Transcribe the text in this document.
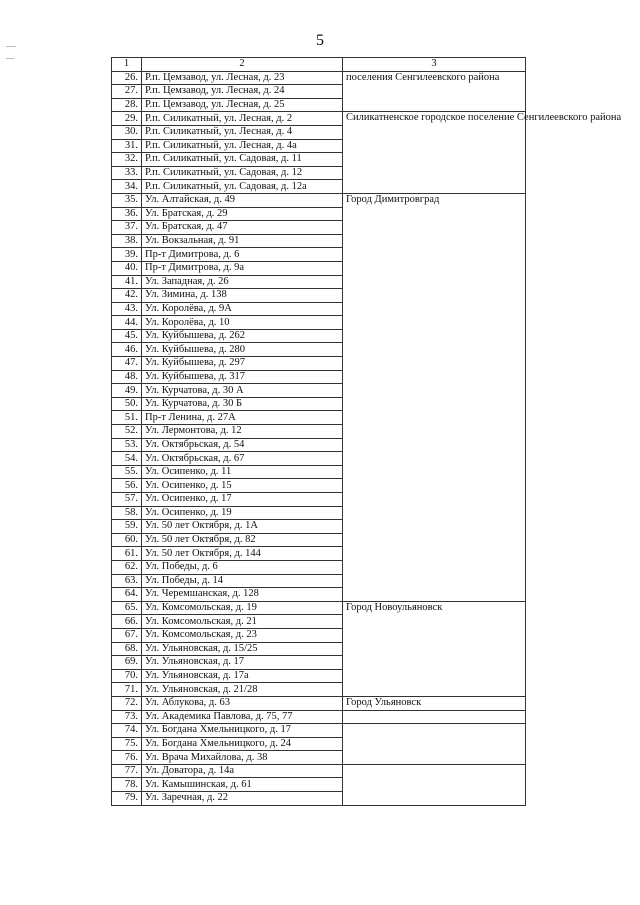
5
1	2	3
26.	Р.п. Цемзавод, ул. Лесная, д. 23	поселения Сенгилеевского района
27.	Р.п. Цемзавод, ул. Лесная, д. 24	
28.	Р.п. Цемзавод, ул. Лесная, д. 25	
29.	Р.п. Силикатный, ул. Лесная, д. 2	Силикатненское городское поселение Сенгилеевского района
30.	Р.п. Силикатный, ул. Лесная, д. 4	
31.	Р.п. Силикатный, ул. Лесная, д. 4а	
32.	Р.п. Силикатный, ул. Садовая, д. 11	
33.	Р.п. Силикатный, ул. Садовая, д. 12	
34.	Р.п. Силикатный, ул. Садовая, д. 12а	
35.	Ул. Алтайская, д. 49	Город Димитровград
36.	Ул. Братская, д. 29	
37.	Ул. Братская, д. 47	
38.	Ул. Вокзальная, д. 91	
39.	Пр-т Димитрова, д. 6	
40.	Пр-т Димитрова, д. 9а	
41.	Ул. Западная, д. 26	
42.	Ул. Зимина, д. 138	
43.	Ул. Королёва, д. 9А	
44.	Ул. Королёва, д. 10	
45.	Ул. Куйбышева, д. 262	
46.	Ул. Куйбышева, д. 280	
47.	Ул. Куйбышева, д. 297	
48.	Ул. Куйбышева, д. 317	
49.	Ул. Курчатова, д. 30 А	
50.	Ул. Курчатова, д. 30 Б	
51.	Пр-т Ленина, д. 27А	
52.	Ул. Лермонтова, д. 12	
53.	Ул. Октябрьская, д. 54	
54.	Ул. Октябрьская, д. 67	
55.	Ул. Осипенко, д. 11	
56.	Ул. Осипенко, д. 15	
57.	Ул. Осипенко, д. 17	
58.	Ул. Осипенко, д. 19	
59.	Ул. 50 лет Октября, д. 1А	
60.	Ул. 50 лет Октября, д. 82	
61.	Ул. 50 лет Октября, д. 144	
62.	Ул. Победы, д. 6	
63.	Ул. Победы, д. 14	
64.	Ул. Черемшанская, д. 128	
65.	Ул. Комсомольская, д. 19	Город Новоульяновск
66.	Ул. Комсомольская, д. 21	
67.	Ул. Комсомольская, д. 23	
68.	Ул. Ульяновская, д. 15/25	
69.	Ул. Ульяновская, д. 17	
70.	Ул. Ульяновская, д. 17а	
71.	Ул. Ульяновская, д. 21/28	
72.	Ул. Аблукова, д. 63	Город Ульяновск
73.	Ул. Академика Павлова, д. 75, 77	
74.	Ул. Богдана Хмельницкого, д. 17	
75.	Ул. Богдана Хмельницкого, д. 24	
76.	Ул. Врача Михайлова, д. 38	
77.	Ул. Доватора, д. 14а	
78.	Ул. Камышинская, д. 61	
79.	Ул. Заречная, д. 22	
